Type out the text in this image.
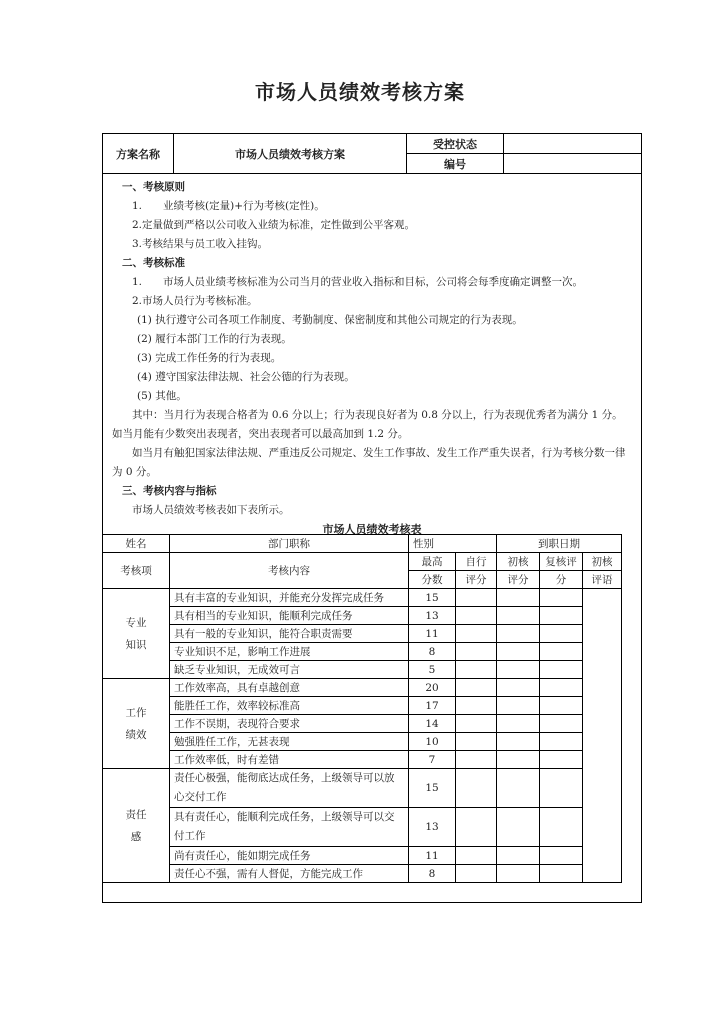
市场人员绩效考核方案
方案名称	市场人员绩效考核方案	受控状态	
		编号	

一、考核原则

1.　　业绩考核(定量)+行为考核(定性)。

2.定量做到严格以公司收入业绩为标准，定性做到公平客观。

3.考核结果与员工收入挂钩。

二、考核标准

1.　　市场人员业绩考核标准为公司当月的营业收入指标和目标，公司将会每季度确定调整一次。

2.市场人员行为考核标准。

(1) 执行遵守公司各项工作制度、考勤制度、保密制度和其他公司规定的行为表现。

(2) 履行本部门工作的行为表现。

(3) 完成工作任务的行为表现。

(4) 遵守国家法律法规、社会公德的行为表现。

(5) 其他。

其中：当月行为表现合格者为 0.6 分以上；行为表现良好者为 0.8 分以上，行为表现优秀者为满分 1 分。如当月能有少数突出表现者，突出表现者可以最高加到 1.2 分。

如当月有触犯国家法律法规、严重违反公司规定、发生工作事故、发生工作严重失误者，行为考核分数一律为 0 分。

三、考核内容与指标

市场人员绩效考核表如下表所示。

市场人员绩效考核表
姓名	部门职称	性别		到职日期		
考核项	考核内容	最高	自行	初核	复核评	初核
		分数	评分	评分	分	评语

专业
知识	具有丰富的专业知识，并能充分发挥完成任务	15				
	具有相当的专业知识，能顺利完成任务	13				
	具有一般的专业知识，能符合职责需要	11				
	专业知识不足，影响工作进展	8				
	缺乏专业知识，无成效可言	5				

工作
绩效	工作效率高，具有卓越创意	20				
	能胜任工作，效率较标准高	17				
	工作不误期，表现符合要求	14				
	勉强胜任工作，无甚表现	10				
	工作效率低，时有差错	7				

责任
感	责任心极强，能彻底达成任务，上级领导可以放心交付工作	15				
	具有责任心，能顺利完成任务，上级领导可以交付工作	13				
	尚有责任心，能如期完成任务	11				
	责任心不强，需有人督促，方能完成工作	8				
